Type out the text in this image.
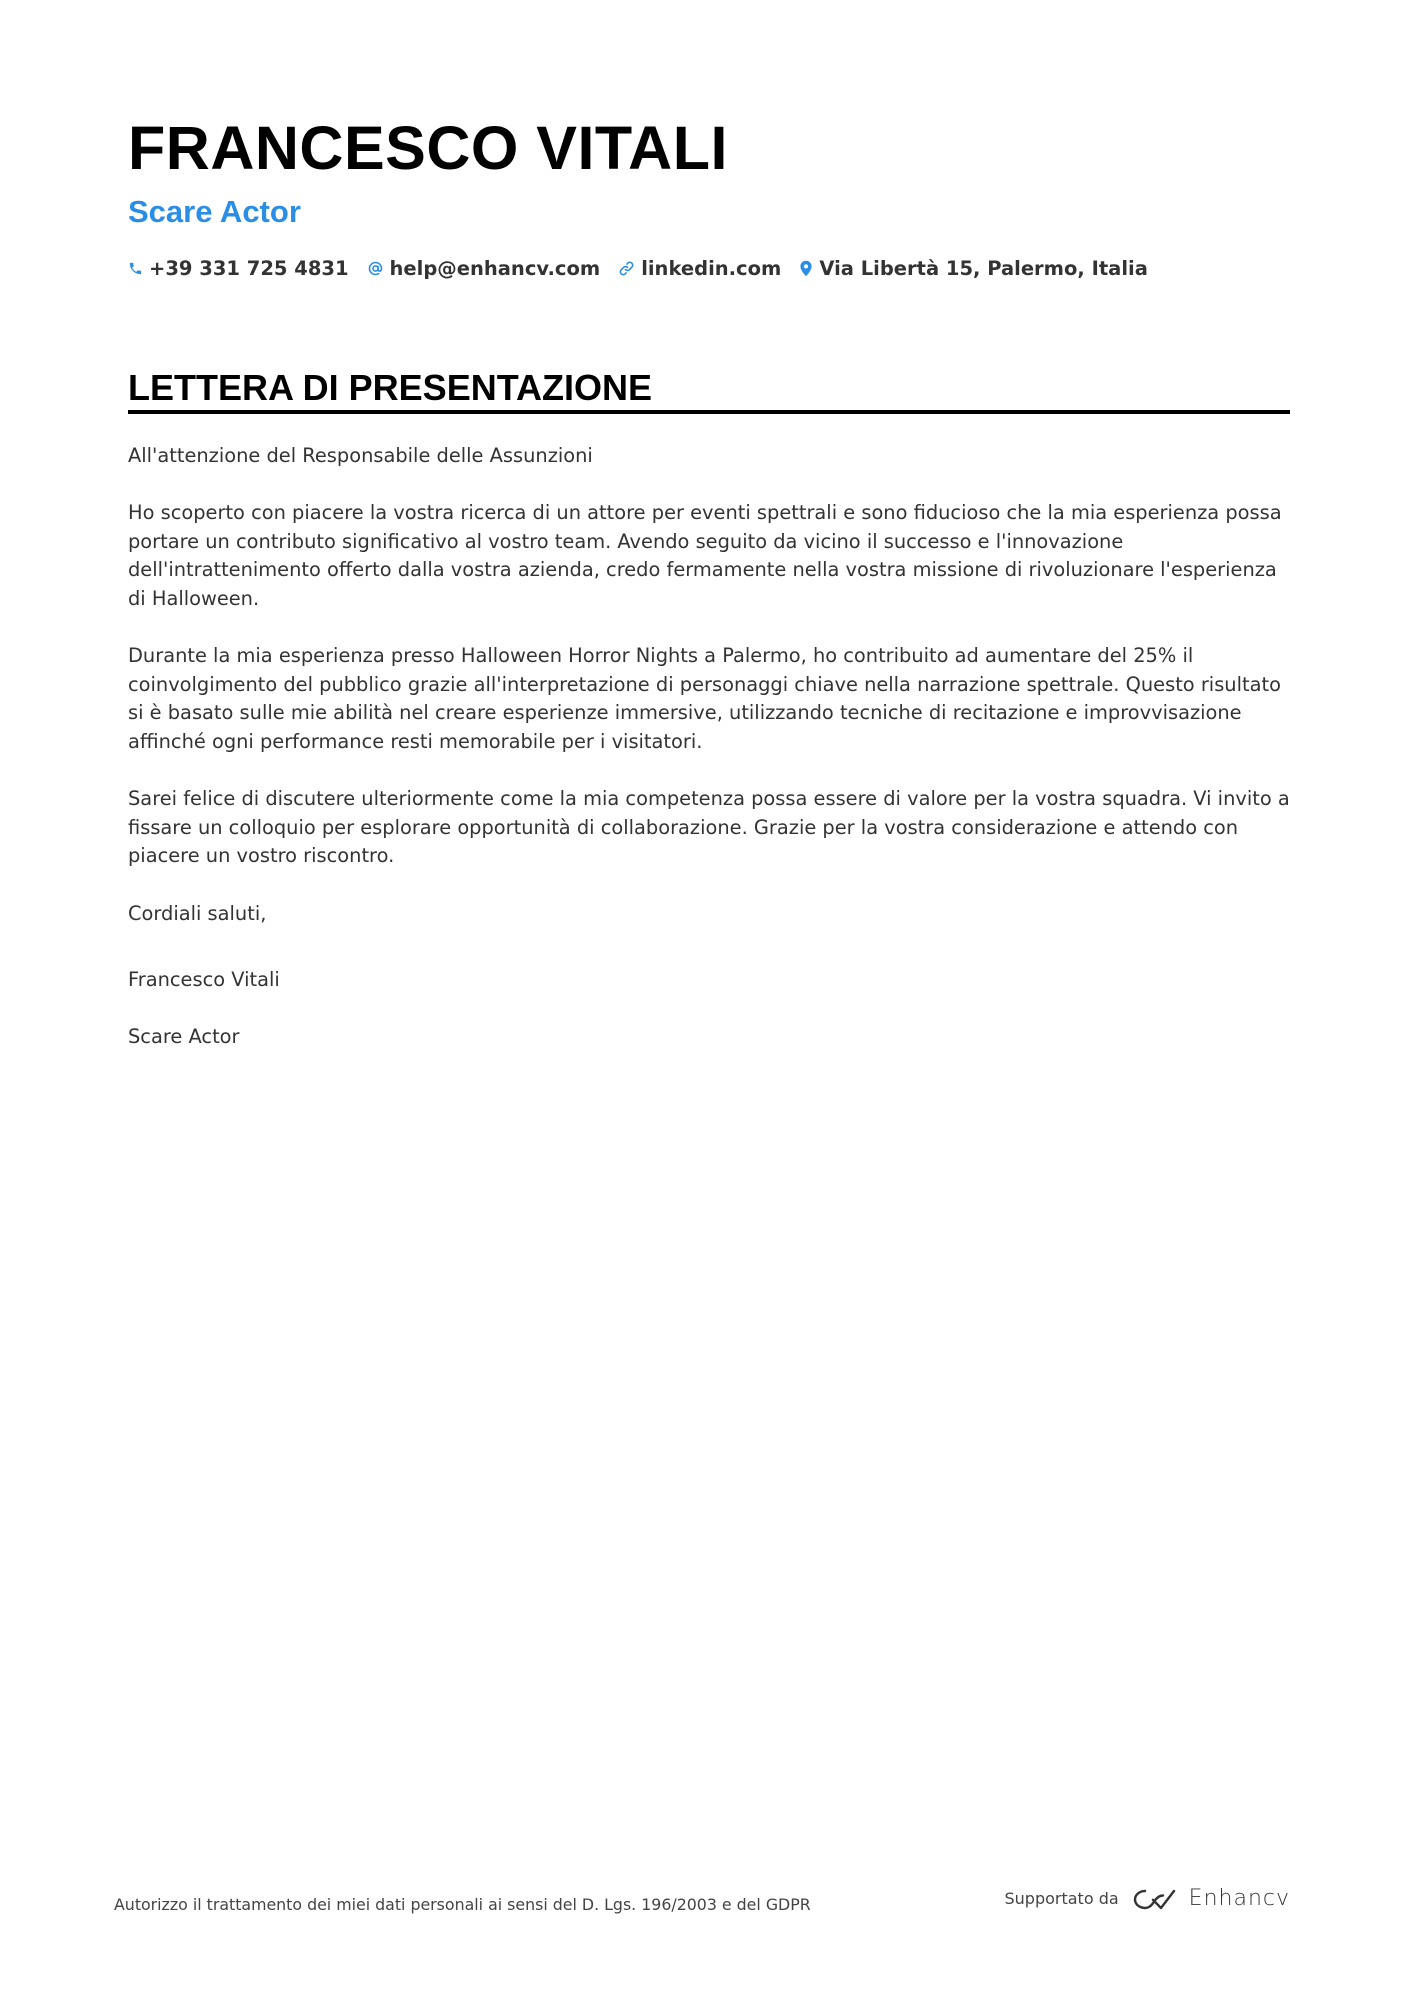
FRANCESCO VITALI
Scare Actor
+39 331 725 4831 help@enhancv.com linkedin.com Via Libertà 15, Palermo, Italia
LETTERA DI PRESENTAZIONE

All'attenzione del Responsabile delle Assunzioni

Ho scoperto con piacere la vostra ricerca di un attore per eventi spettrali e sono fiducioso che la mia esperienza possa portare un contributo significativo al vostro team. Avendo seguito da vicino il successo e l'innovazione dell'intrattenimento offerto dalla vostra azienda, credo fermamente nella vostra missione di rivoluzionare l'esperienza di Halloween.

Durante la mia esperienza presso Halloween Horror Nights a Palermo, ho contribuito ad aumentare del 25% il coinvolgimento del pubblico grazie all'interpretazione di personaggi chiave nella narrazione spettrale. Questo risultato si è basato sulle mie abilità nel creare esperienze immersive, utilizzando tecniche di recitazione e improvvisazione affinché ogni performance resti memorabile per i visitatori.

Sarei felice di discutere ulteriormente come la mia competenza possa essere di valore per la vostra squadra. Vi invito a fissare un colloquio per esplorare opportunità di collaborazione. Grazie per la vostra considerazione e attendo con piacere un vostro riscontro.

Cordiali saluti,

Francesco Vitali

Scare Actor

Autorizzo il trattamento dei miei dati personali ai sensi del D. Lgs. 196/2003 e del GDPR	Supportato da	Enhancv
